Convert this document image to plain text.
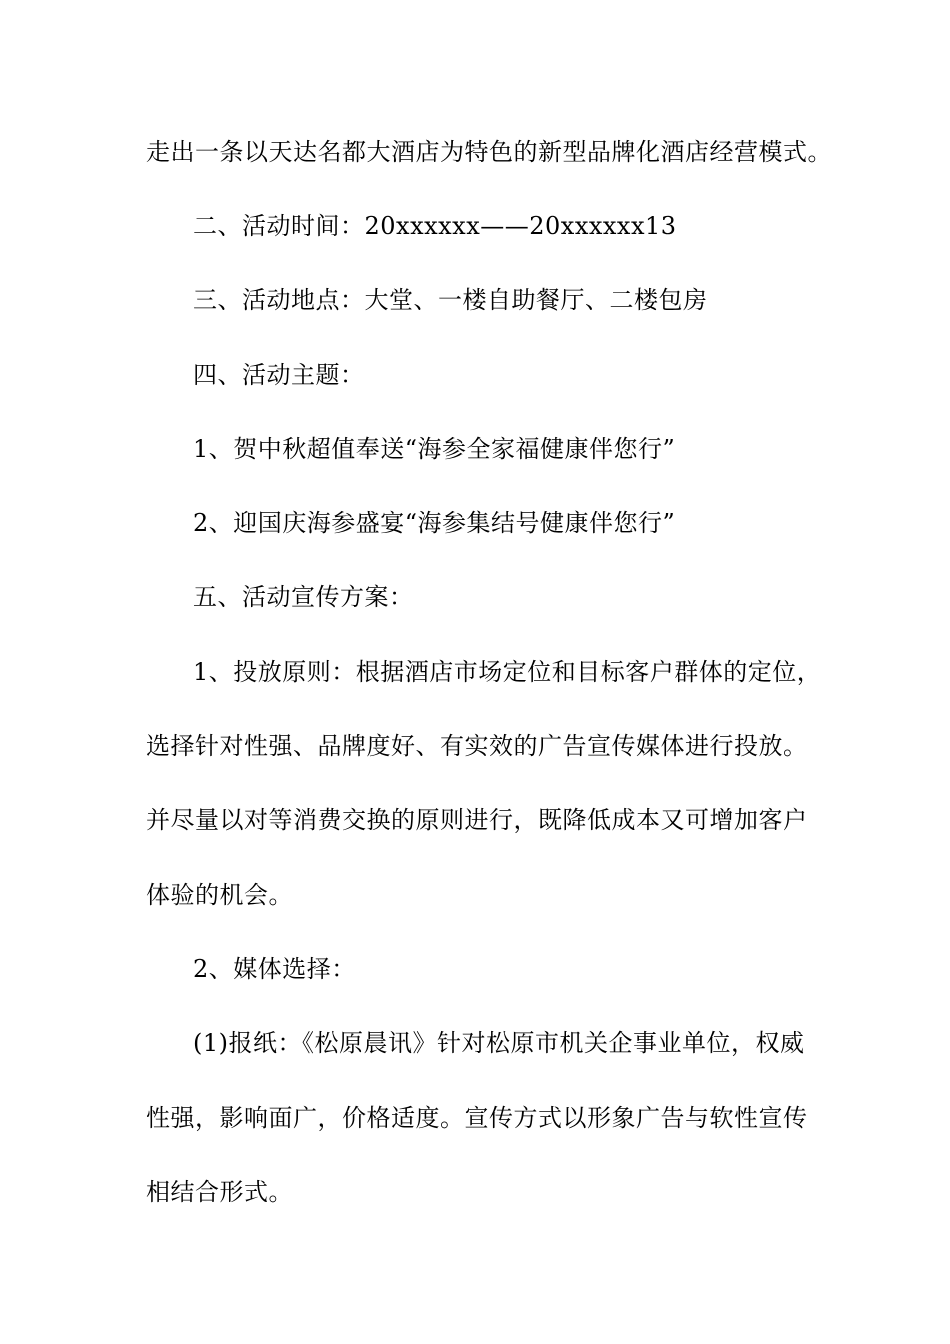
走出一条以天达名都大酒店为特色的新型品牌化酒店经营模式。
二、活动时间：20xxxxxx——20xxxxxx13
三、活动地点：大堂、一楼自助餐厅、二楼包房
四、活动主题：
1、贺中秋超值奉送“海参全家福健康伴您行”
2、迎国庆海参盛宴“海参集结号健康伴您行”
五、活动宣传方案：
1、投放原则：根据酒店市场定位和目标客户群体的定位，
选择针对性强、品牌度好、有实效的广告宣传媒体进行投放。
并尽量以对等消费交换的原则进行，既降低成本又可增加客户
体验的机会。
2、媒体选择：
(1)报纸：《松原晨讯》针对松原市机关企事业单位，权威
性强，影响面广，价格适度。宣传方式以形象广告与软性宣传
相结合形式。
